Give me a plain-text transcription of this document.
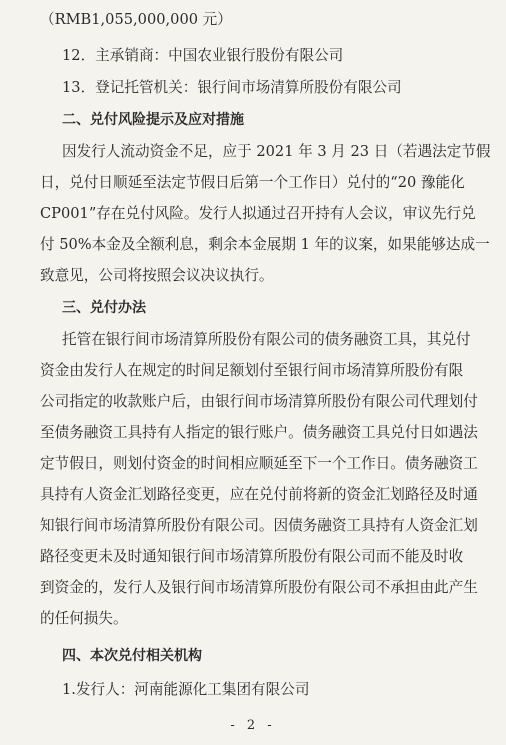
（RMB1,055,000,000 元）
12．主承销商：中国农业银行股份有限公司
13．登记托管机关：银行间市场清算所股份有限公司
二、兑付风险提示及应对措施
因发行人流动资金不足，应于 2021 年 3 月 23 日（若遇法定节假
日，兑付日顺延至法定节假日后第一个工作日）兑付的“20 豫能化
CP001”存在兑付风险。发行人拟通过召开持有人会议，审议先行兑
付 50%本金及全额利息，剩余本金展期 1 年的议案，如果能够达成一
致意见，公司将按照会议决议执行。
三、兑付办法
托管在银行间市场清算所股份有限公司的债务融资工具，其兑付
资金由发行人在规定的时间足额划付至银行间市场清算所股份有限
公司指定的收款账户后，由银行间市场清算所股份有限公司代理划付
至债务融资工具持有人指定的银行账户。债务融资工具兑付日如遇法
定节假日，则划付资金的时间相应顺延至下一个工作日。债务融资工
具持有人资金汇划路径变更，应在兑付前将新的资金汇划路径及时通
知银行间市场清算所股份有限公司。因债务融资工具持有人资金汇划
路径变更未及时通知银行间市场清算所股份有限公司而不能及时收
到资金的，发行人及银行间市场清算所股份有限公司不承担由此产生
的任何损失。
四、本次兑付相关机构
1.发行人：河南能源化工集团有限公司
- 2 -
